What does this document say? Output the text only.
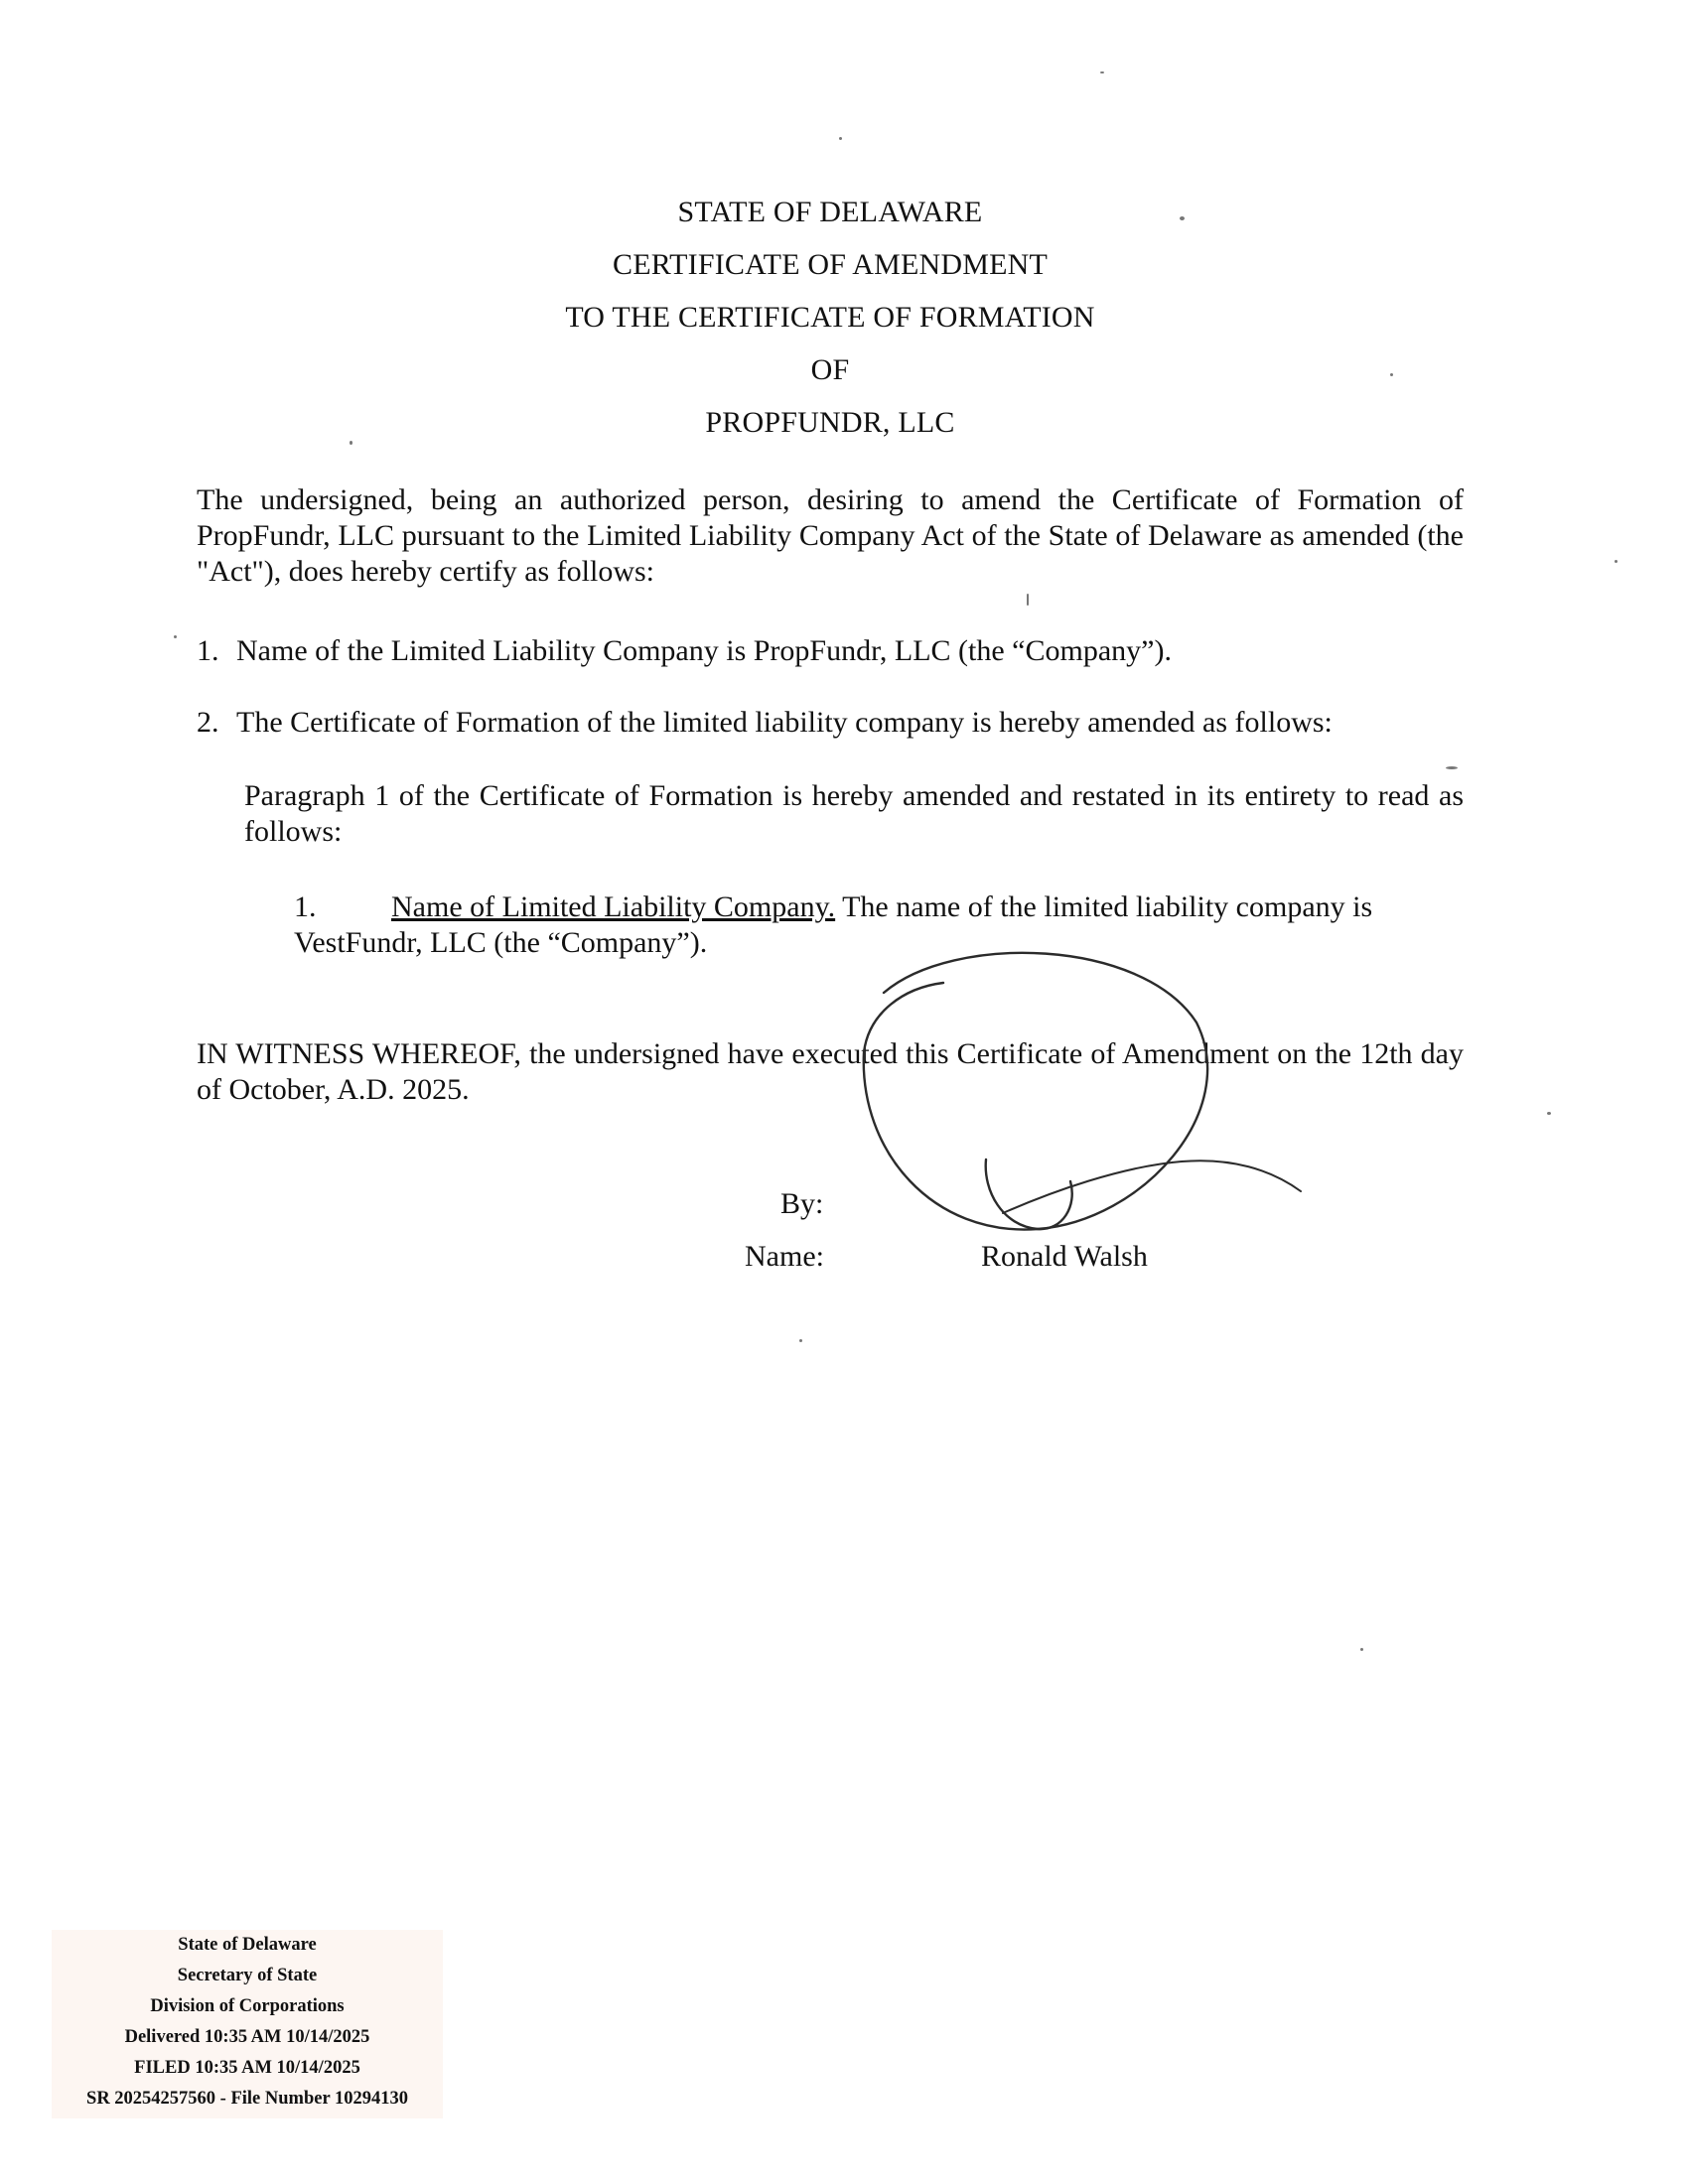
STATE OF DELAWARE
CERTIFICATE OF AMENDMENT
TO THE CERTIFICATE OF FORMATION
OF
PROPFUNDR, LLC
The undersigned, being an authorized person, desiring to amend the Certificate of Formation of PropFundr, LLC pursuant to the Limited Liability Company Act of the State of Delaware as amended (the "Act"), does hereby certify as follows:
1. Name of the Limited Liability Company is PropFundr, LLC (the “Company”).
2. The Certificate of Formation of the limited liability company is hereby amended as follows:
Paragraph 1 of the Certificate of Formation is hereby amended and restated in its entirety to read as follows:
1.	Name of Limited Liability Company. The name of the limited liability company is VestFundr, LLC (the “Company”).
IN WITNESS WHEREOF, the undersigned have executed this Certificate of Amendment on the 12th day of October, A.D. 2025.
By:
Name:	Ronald Walsh
State of Delaware
Secretary of State
Division of Corporations
Delivered 10:35 AM 10/14/2025
FILED 10:35 AM 10/14/2025
SR 20254257560 - File Number 10294130
